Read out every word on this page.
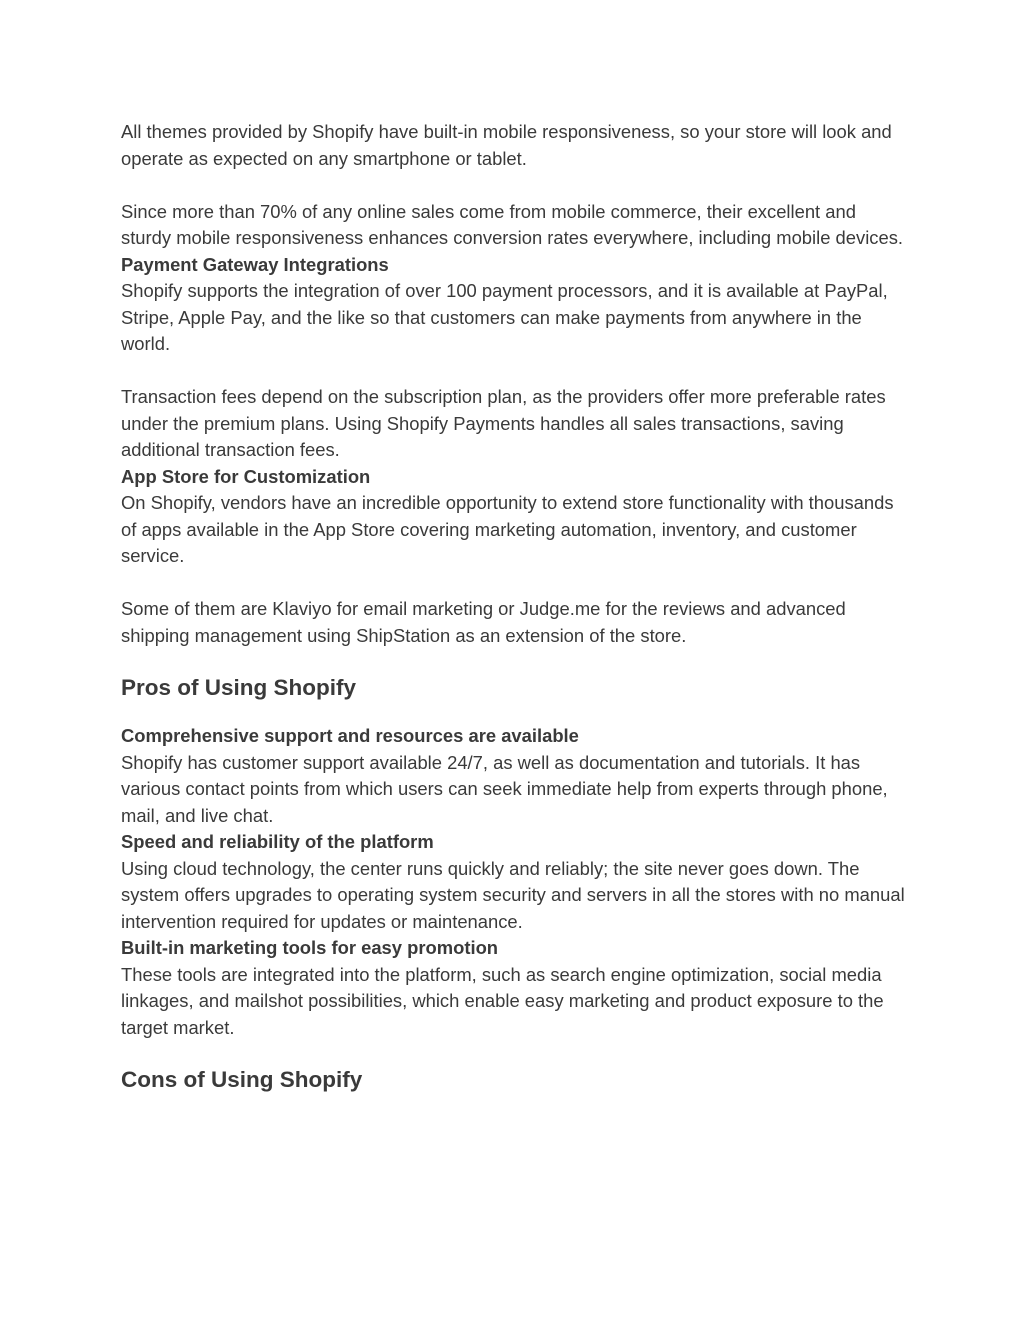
All themes provided by Shopify have built-in mobile responsiveness, so your store will look and operate as expected on any smartphone or tablet.

Since more than 70% of any online sales come from mobile commerce, their excellent and sturdy mobile responsiveness enhances conversion rates everywhere, including mobile devices.

Payment Gateway Integrations

Shopify supports the integration of over 100 payment processors, and it is available at PayPal, Stripe, Apple Pay, and the like so that customers can make payments from anywhere in the world.

Transaction fees depend on the subscription plan, as the providers offer more preferable rates under the premium plans. Using Shopify Payments handles all sales transactions, saving additional transaction fees.

App Store for Customization

On Shopify, vendors have an incredible opportunity to extend store functionality with thousands of apps available in the App Store covering marketing automation, inventory, and customer service.

Some of them are Klaviyo for email marketing or Judge.me for the reviews and advanced shipping management using ShipStation as an extension of the store.

Pros of Using Shopify
Comprehensive support and resources are available

Shopify has customer support available 24/7, as well as documentation and tutorials. It has various contact points from which users can seek immediate help from experts through phone, mail, and live chat.

Speed and reliability of the platform

Using cloud technology, the center runs quickly and reliably; the site never goes down. The system offers upgrades to operating system security and servers in all the stores with no manual intervention required for updates or maintenance.

Built-in marketing tools for easy promotion

These tools are integrated into the platform, such as search engine optimization, social media linkages, and mailshot possibilities, which enable easy marketing and product exposure to the target market.

Cons of Using Shopify
